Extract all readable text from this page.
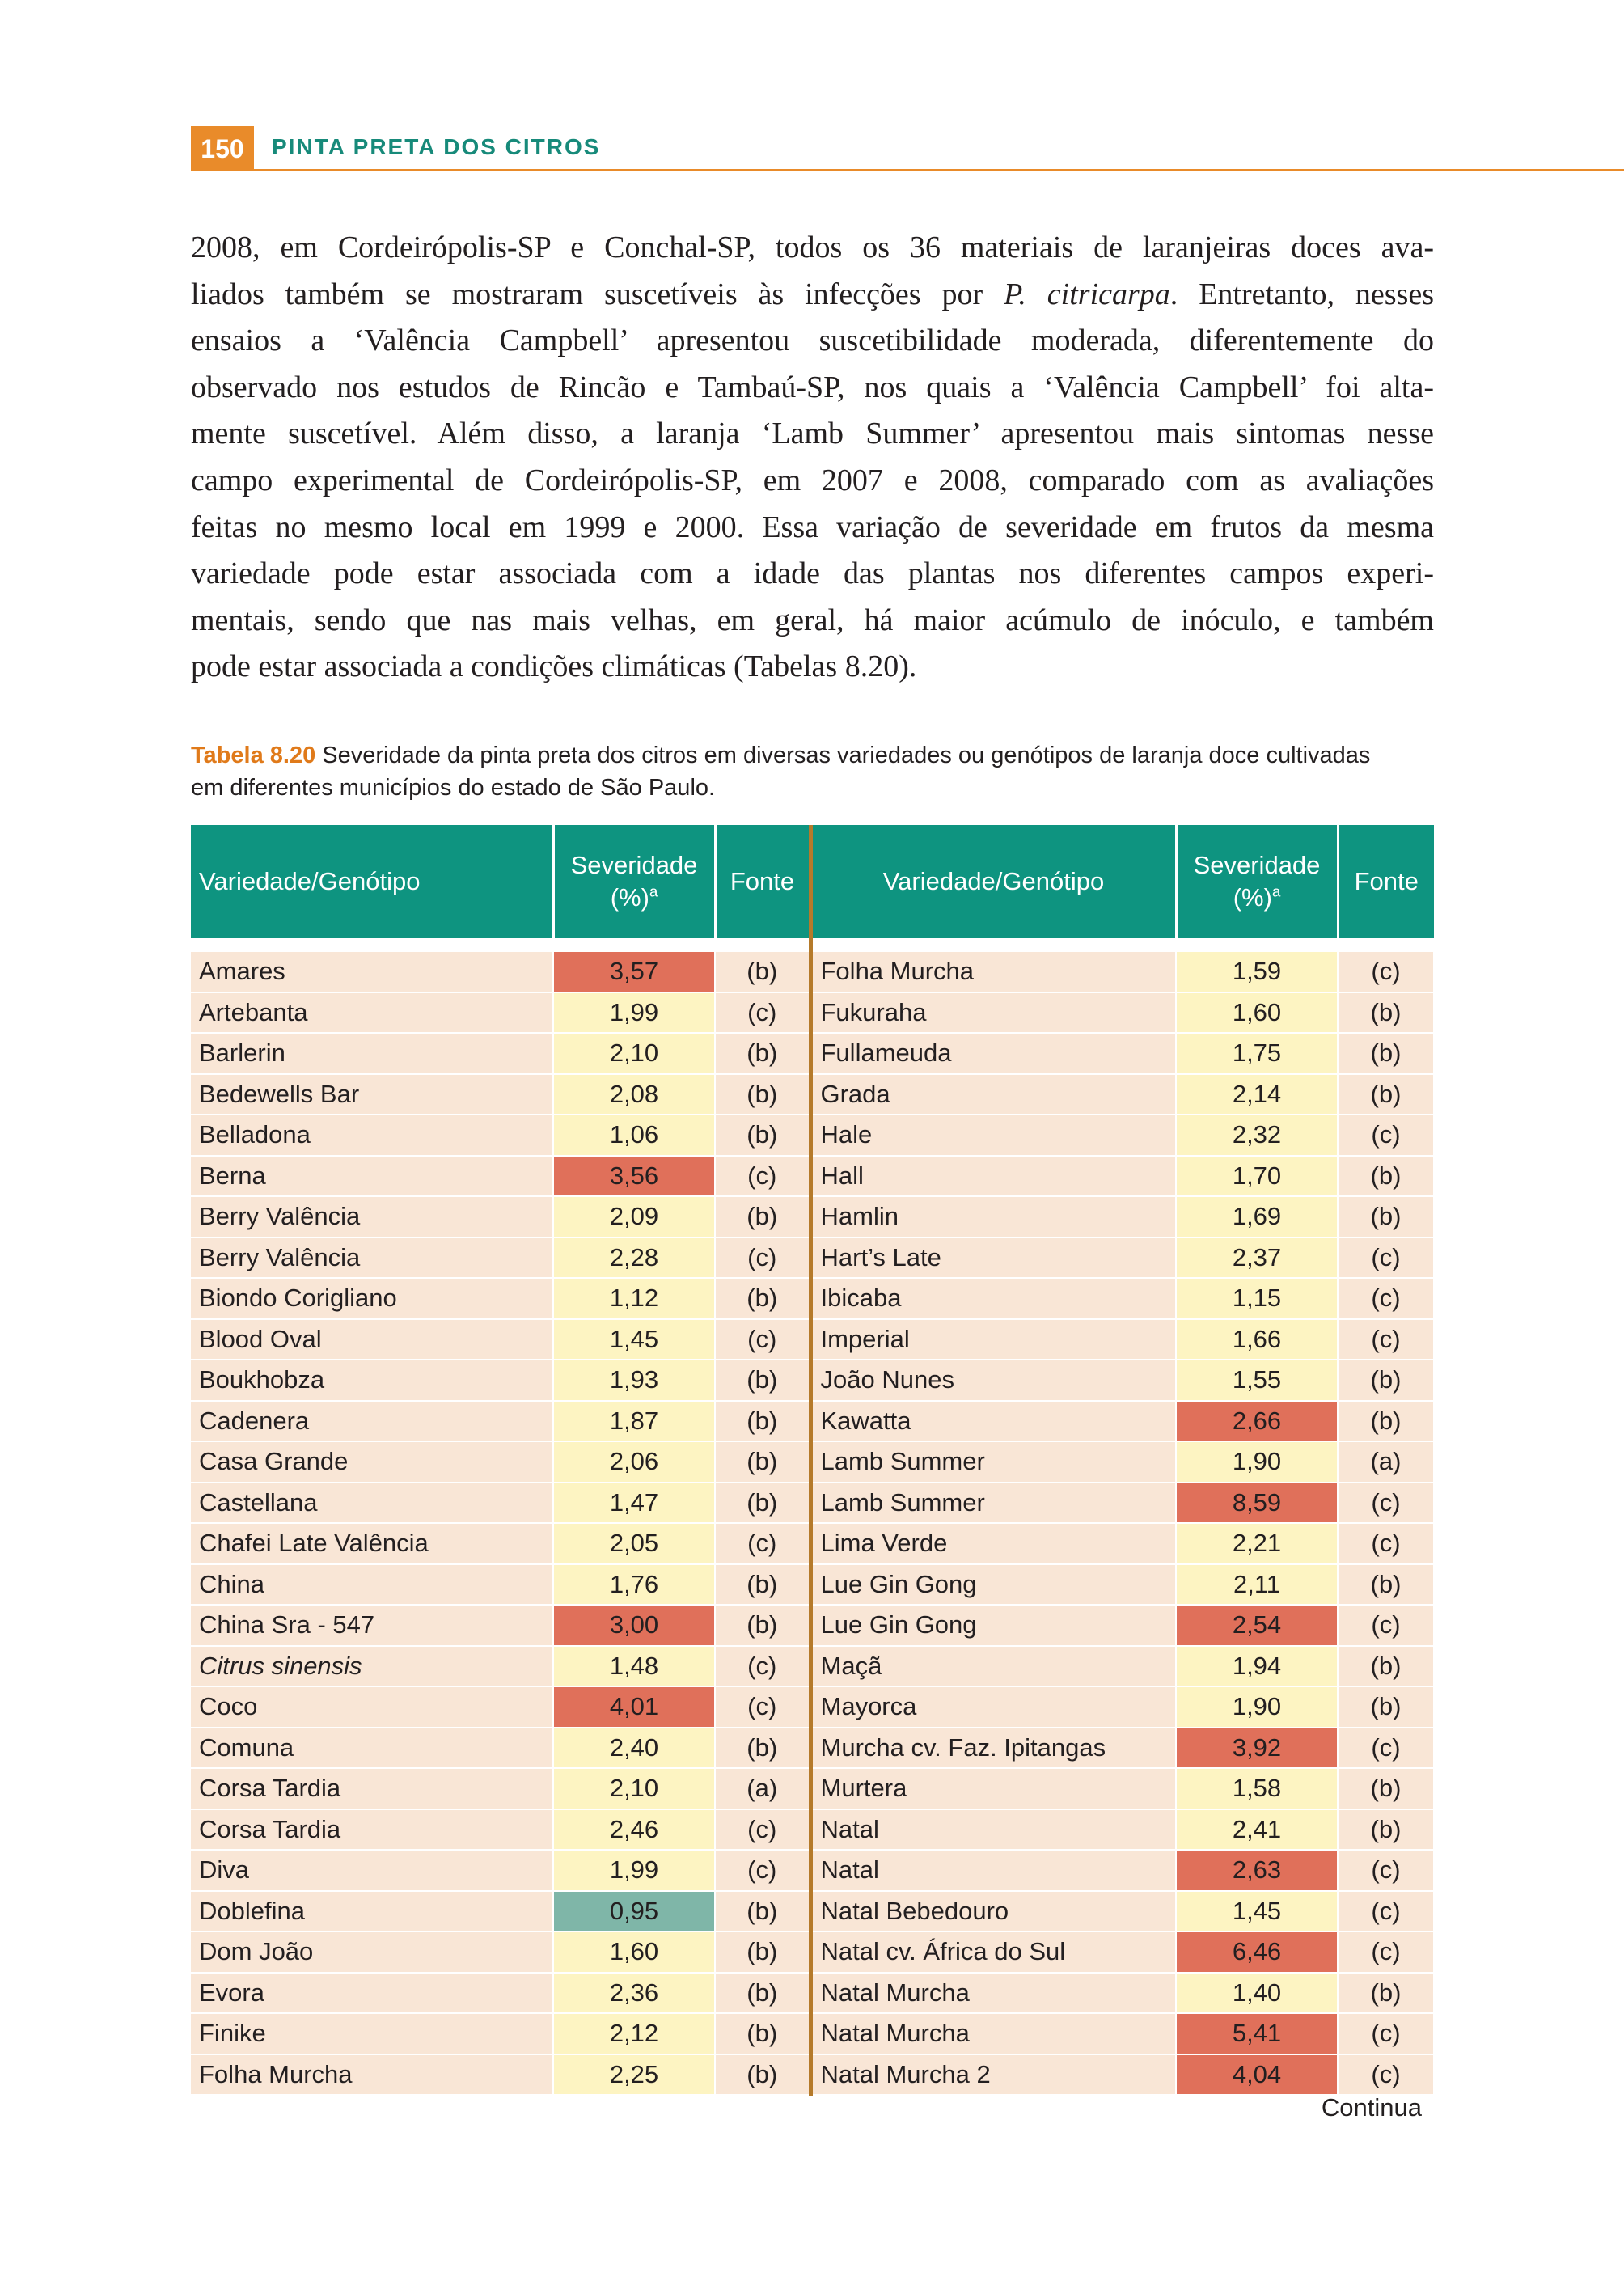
150	PINTA PRETA DOS CITROS
2008, em Cordeirópolis-SP e Conchal-SP, todos os 36 materiais de laranjeiras doces ava-
liados também se mostraram suscetíveis às infecções por P. citricarpa. Entretanto, nesses
ensaios a ‘Valência Campbell’ apresentou suscetibilidade moderada, diferentemente do
observado nos estudos de Rincão e Tambaú-SP, nos quais a ‘Valência Campbell’ foi alta-
mente suscetível. Além disso, a laranja ‘Lamb Summer’ apresentou mais sintomas nesse
campo experimental de Cordeirópolis-SP, em 2007 e 2008, comparado com as avaliações
feitas no mesmo local em 1999 e 2000. Essa variação de severidade em frutos da mesma
variedade pode estar associada com a idade das plantas nos diferentes campos experi-
mentais, sendo que nas mais velhas, em geral, há maior acúmulo de inóculo, e também
pode estar associada a condições climáticas (Tabelas 8.20).
Tabela 8.20 Severidade da pinta preta dos citros em diversas variedades ou genótipos de laranja doce cultivadas
em diferentes municípios do estado de São Paulo.
Variedade/Genótipo	Severidade
(%)$^a$	Fonte	Variedade/Genótipo	Severidade
(%)$^a$	Fonte

Amares	3,57	(b)	Folha Murcha	1,59	(c)
Artebanta	1,99	(c)	Fukuraha	1,60	(b)
Barlerin	2,10	(b)	Fullameuda	1,75	(b)
Bedewells Bar	2,08	(b)	Grada	2,14	(b)
Belladona	1,06	(b)	Hale	2,32	(c)
Berna	3,56	(c)	Hall	1,70	(b)
Berry Valência	2,09	(b)	Hamlin	1,69	(b)
Berry Valência	2,28	(c)	Hart’s Late	2,37	(c)
Biondo Corigliano	1,12	(b)	Ibicaba	1,15	(c)
Blood Oval	1,45	(c)	Imperial	1,66	(c)
Boukhobza	1,93	(b)	João Nunes	1,55	(b)
Cadenera	1,87	(b)	Kawatta	2,66	(b)
Casa Grande	2,06	(b)	Lamb Summer	1,90	(a)
Castellana	1,47	(b)	Lamb Summer	8,59	(c)
Chafei Late Valência	2,05	(c)	Lima Verde	2,21	(c)
China	1,76	(b)	Lue Gin Gong	2,11	(b)
China Sra - 547	3,00	(b)	Lue Gin Gong	2,54	(c)
Citrus sinensis	1,48	(c)	Maçã	1,94	(b)
Coco	4,01	(c)	Mayorca	1,90	(b)
Comuna	2,40	(b)	Murcha cv. Faz. Ipitangas	3,92	(c)
Corsa Tardia	2,10	(a)	Murtera	1,58	(b)
Corsa Tardia	2,46	(c)	Natal	2,41	(b)
Diva	1,99	(c)	Natal	2,63	(c)
Doblefina	0,95	(b)	Natal Bebedouro	1,45	(c)
Dom João	1,60	(b)	Natal cv. África do Sul	6,46	(c)
Evora	2,36	(b)	Natal Murcha	1,40	(b)
Finike	2,12	(b)	Natal Murcha	5,41	(c)
Folha Murcha	2,25	(b)	Natal Murcha 2	4,04	(c)
Continua
